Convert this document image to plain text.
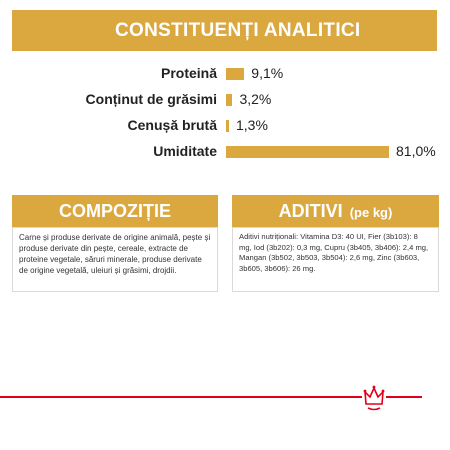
CONSTITUENȚI ANALITICI
Proteină 9,1%
Conținut de grăsimi 3,2%
Cenușă brută 1,3%
Umiditate	81,0%
COMPOZIȚIE	ADITIVI (pe kg)
Carne și produse derivate de origine animală, pește și produse derivate din pește, cereale, extracte de proteine vegetale, săruri minerale, produse derivate de origine vegetală, uleiuri și grăsimi, drojdii.
Aditivi nutriționali: Vitamina D3: 40 UI, Fier (3b103): 8 mg, Iod (3b202): 0,3 mg, Cupru (3b405, 3b406): 2,4 mg, Mangan (3b502, 3b503, 3b504): 2,6 mg, Zinc (3b603, 3b605, 3b606): 26 mg.
